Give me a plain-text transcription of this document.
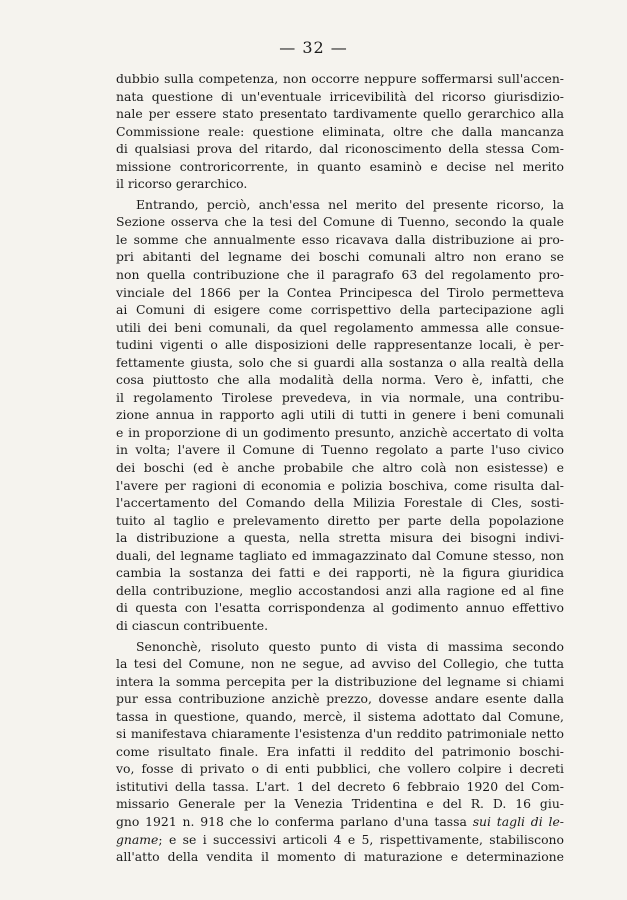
— 32 —
dubbio sulla competenza, non occorre neppure soffermarsi sull'accen-
nata questione di un'eventuale irricevibilità del ricorso giurisdizio-
nale per essere stato presentato tardivamente quello gerarchico alla
Commissione reale: questione eliminata, oltre che dalla mancanza
di qualsiasi prova del ritardo, dal riconoscimento della stessa Com-
missione controricorrente, in quanto esaminò e decise nel merito
il ricorso gerarchico.
Entrando, perciò, anch'essa nel merito del presente ricorso, la
Sezione osserva che la tesi del Comune di Tuenno, secondo la quale
le somme che annualmente esso ricavava dalla distribuzione ai pro-
pri abitanti del legname dei boschi comunali altro non erano se
non quella contribuzione che il paragrafo 63 del regolamento pro-
vinciale del 1866 per la Contea Principesca del Tirolo permetteva
ai Comuni di esigere come corrispettivo della partecipazione agli
utili dei beni comunali, da quel regolamento ammessa alle consue-
tudini vigenti o alle disposizioni delle rappresentanze locali, è per-
fettamente giusta, solo che si guardi alla sostanza o alla realtà della
cosa piuttosto che alla modalità della norma. Vero è, infatti, che
il regolamento Tirolese prevedeva, in via normale, una contribu-
zione annua in rapporto agli utili di tutti in genere i beni comunali
e in proporzione di un godimento presunto, anzichè accertato di volta
in volta; l'avere il Comune di Tuenno regolato a parte l'uso civico
dei boschi (ed è anche probabile che altro colà non esistesse) e
l'avere per ragioni di economia e polizia boschiva, come risulta dal-
l'accertamento del Comando della Milizia Forestale di Cles, sosti-
tuito al taglio e prelevamento diretto per parte della popolazione
la distribuzione a questa, nella stretta misura dei bisogni indivi-
duali, del legname tagliato ed immagazzinato dal Comune stesso, non
cambia la sostanza dei fatti e dei rapporti, nè la figura giuridica
della contribuzione, meglio accostandosi anzi alla ragione ed al fine
di questa con l'esatta corrispondenza al godimento annuo effettivo
di ciascun contribuente.
Senonchè, risoluto questo punto di vista di massima secondo
la tesi del Comune, non ne segue, ad avviso del Collegio, che tutta
intera la somma percepita per la distribuzione del legname si chiami
pur essa contribuzione anzichè prezzo, dovesse andare esente dalla
tassa in questione, quando, mercè, il sistema adottato dal Comune,
si manifestava chiaramente l'esistenza d'un reddito patrimoniale netto
come risultato finale. Era infatti il reddito del patrimonio boschi-
vo, fosse di privato o di enti pubblici, che vollero colpire i decreti
istitutivi della tassa. L'art. 1 del decreto 6 febbraio 1920 del Com-
missario Generale per la Venezia Tridentina e del R. D. 16 giu-
gno 1921 n. 918 che lo conferma parlano d'una tassa sui tagli di le-
gname; e se i successivi articoli 4 e 5, rispettivamente, stabiliscono
all'atto della vendita il momento di maturazione e determinazione
